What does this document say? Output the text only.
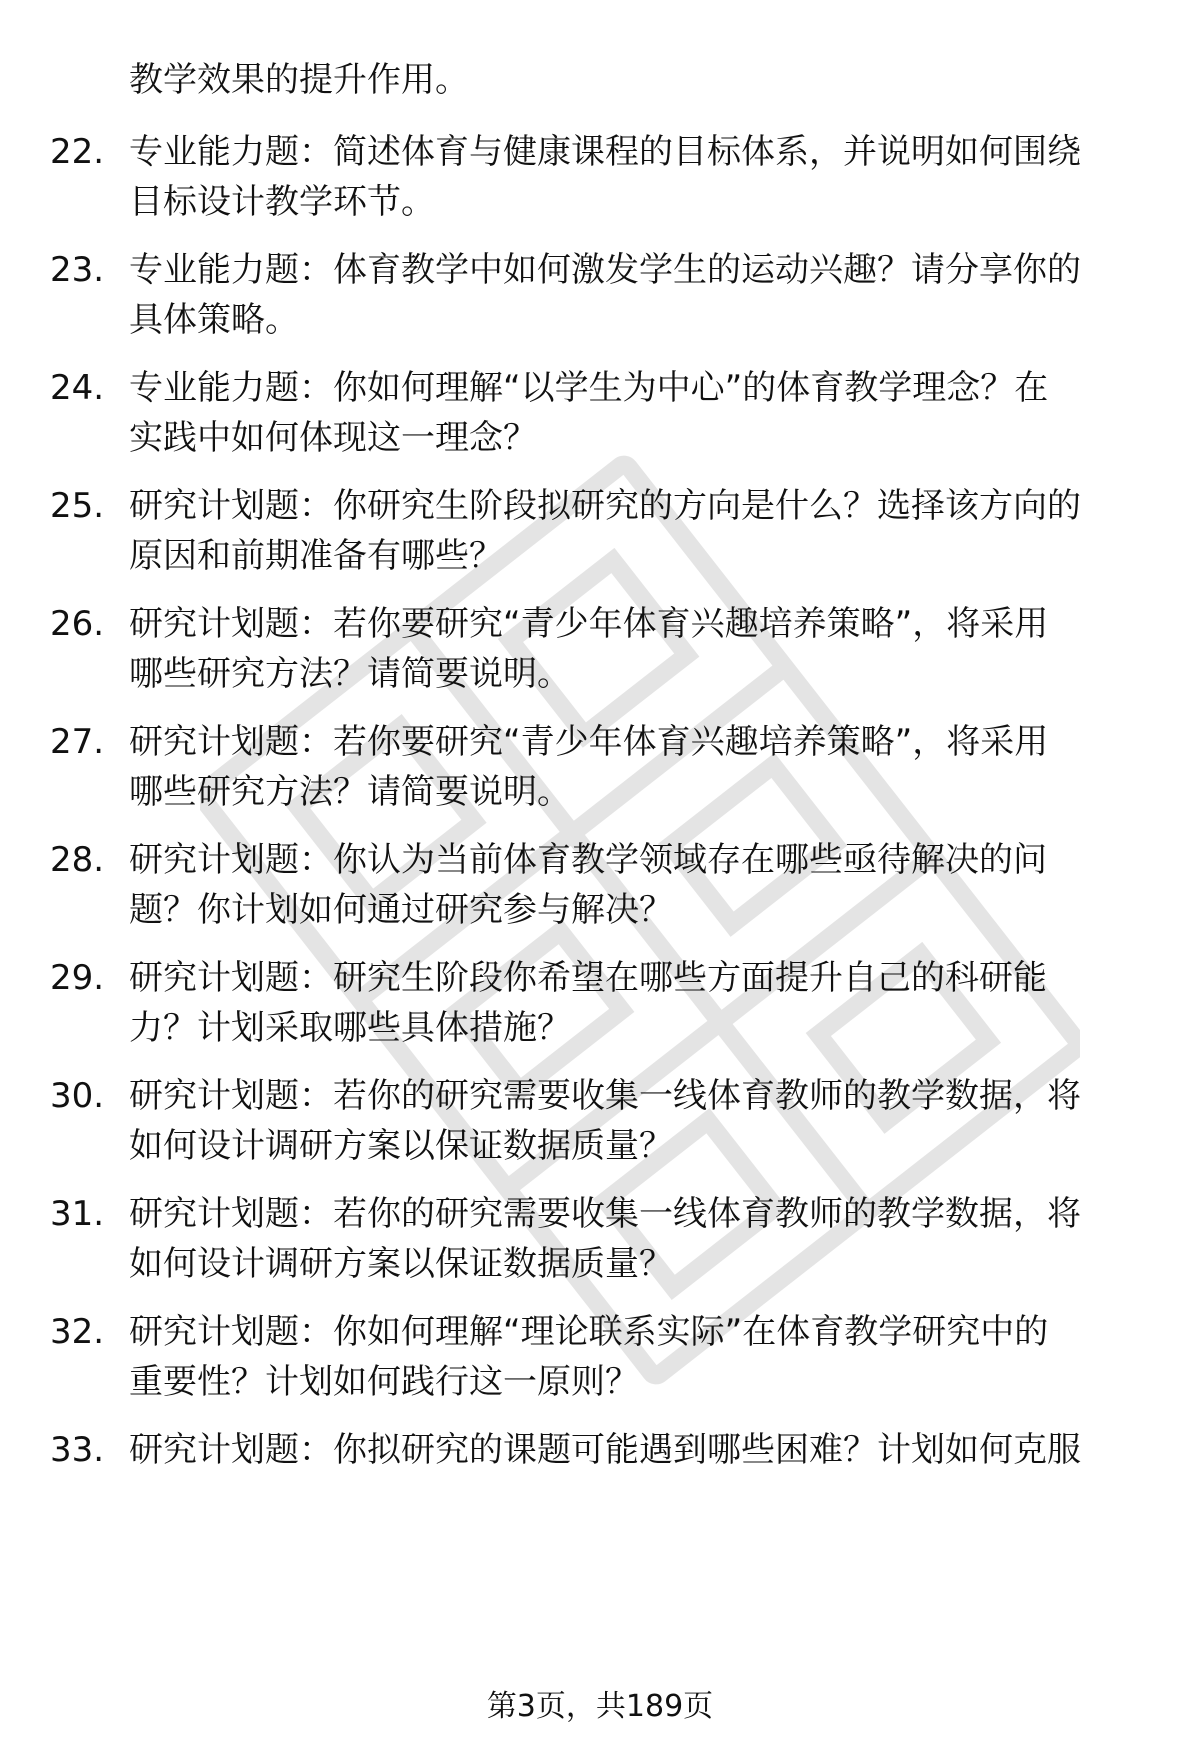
教学效果的提升作用。
22. 专业能力题：简述体育与健康课程的目标体系，并说明如何围绕
目标设计教学环节。
23. 专业能力题：体育教学中如何激发学生的运动兴趣？请分享你的
具体策略。
24. 专业能力题：你如何理解“以学生为中心”的体育教学理念？在
实践中如何体现这一理念？
25. 研究计划题：你研究生阶段拟研究的方向是什么？选择该方向的
原因和前期准备有哪些？
26. 研究计划题：若你要研究“青少年体育兴趣培养策略”，将采用
哪些研究方法？请简要说明。
27. 研究计划题：若你要研究“青少年体育兴趣培养策略”，将采用
哪些研究方法？请简要说明。
28. 研究计划题：你认为当前体育教学领域存在哪些亟待解决的问
题？你计划如何通过研究参与解决？
29. 研究计划题：研究生阶段你希望在哪些方面提升自己的科研能
力？计划采取哪些具体措施？
30. 研究计划题：若你的研究需要收集一线体育教师的教学数据，将
如何设计调研方案以保证数据质量？
31. 研究计划题：若你的研究需要收集一线体育教师的教学数据，将
如何设计调研方案以保证数据质量？
32. 研究计划题：你如何理解“理论联系实际”在体育教学研究中的
重要性？计划如何践行这一原则？
33. 研究计划题：你拟研究的课题可能遇到哪些困难？计划如何克服
第3页，共189页
